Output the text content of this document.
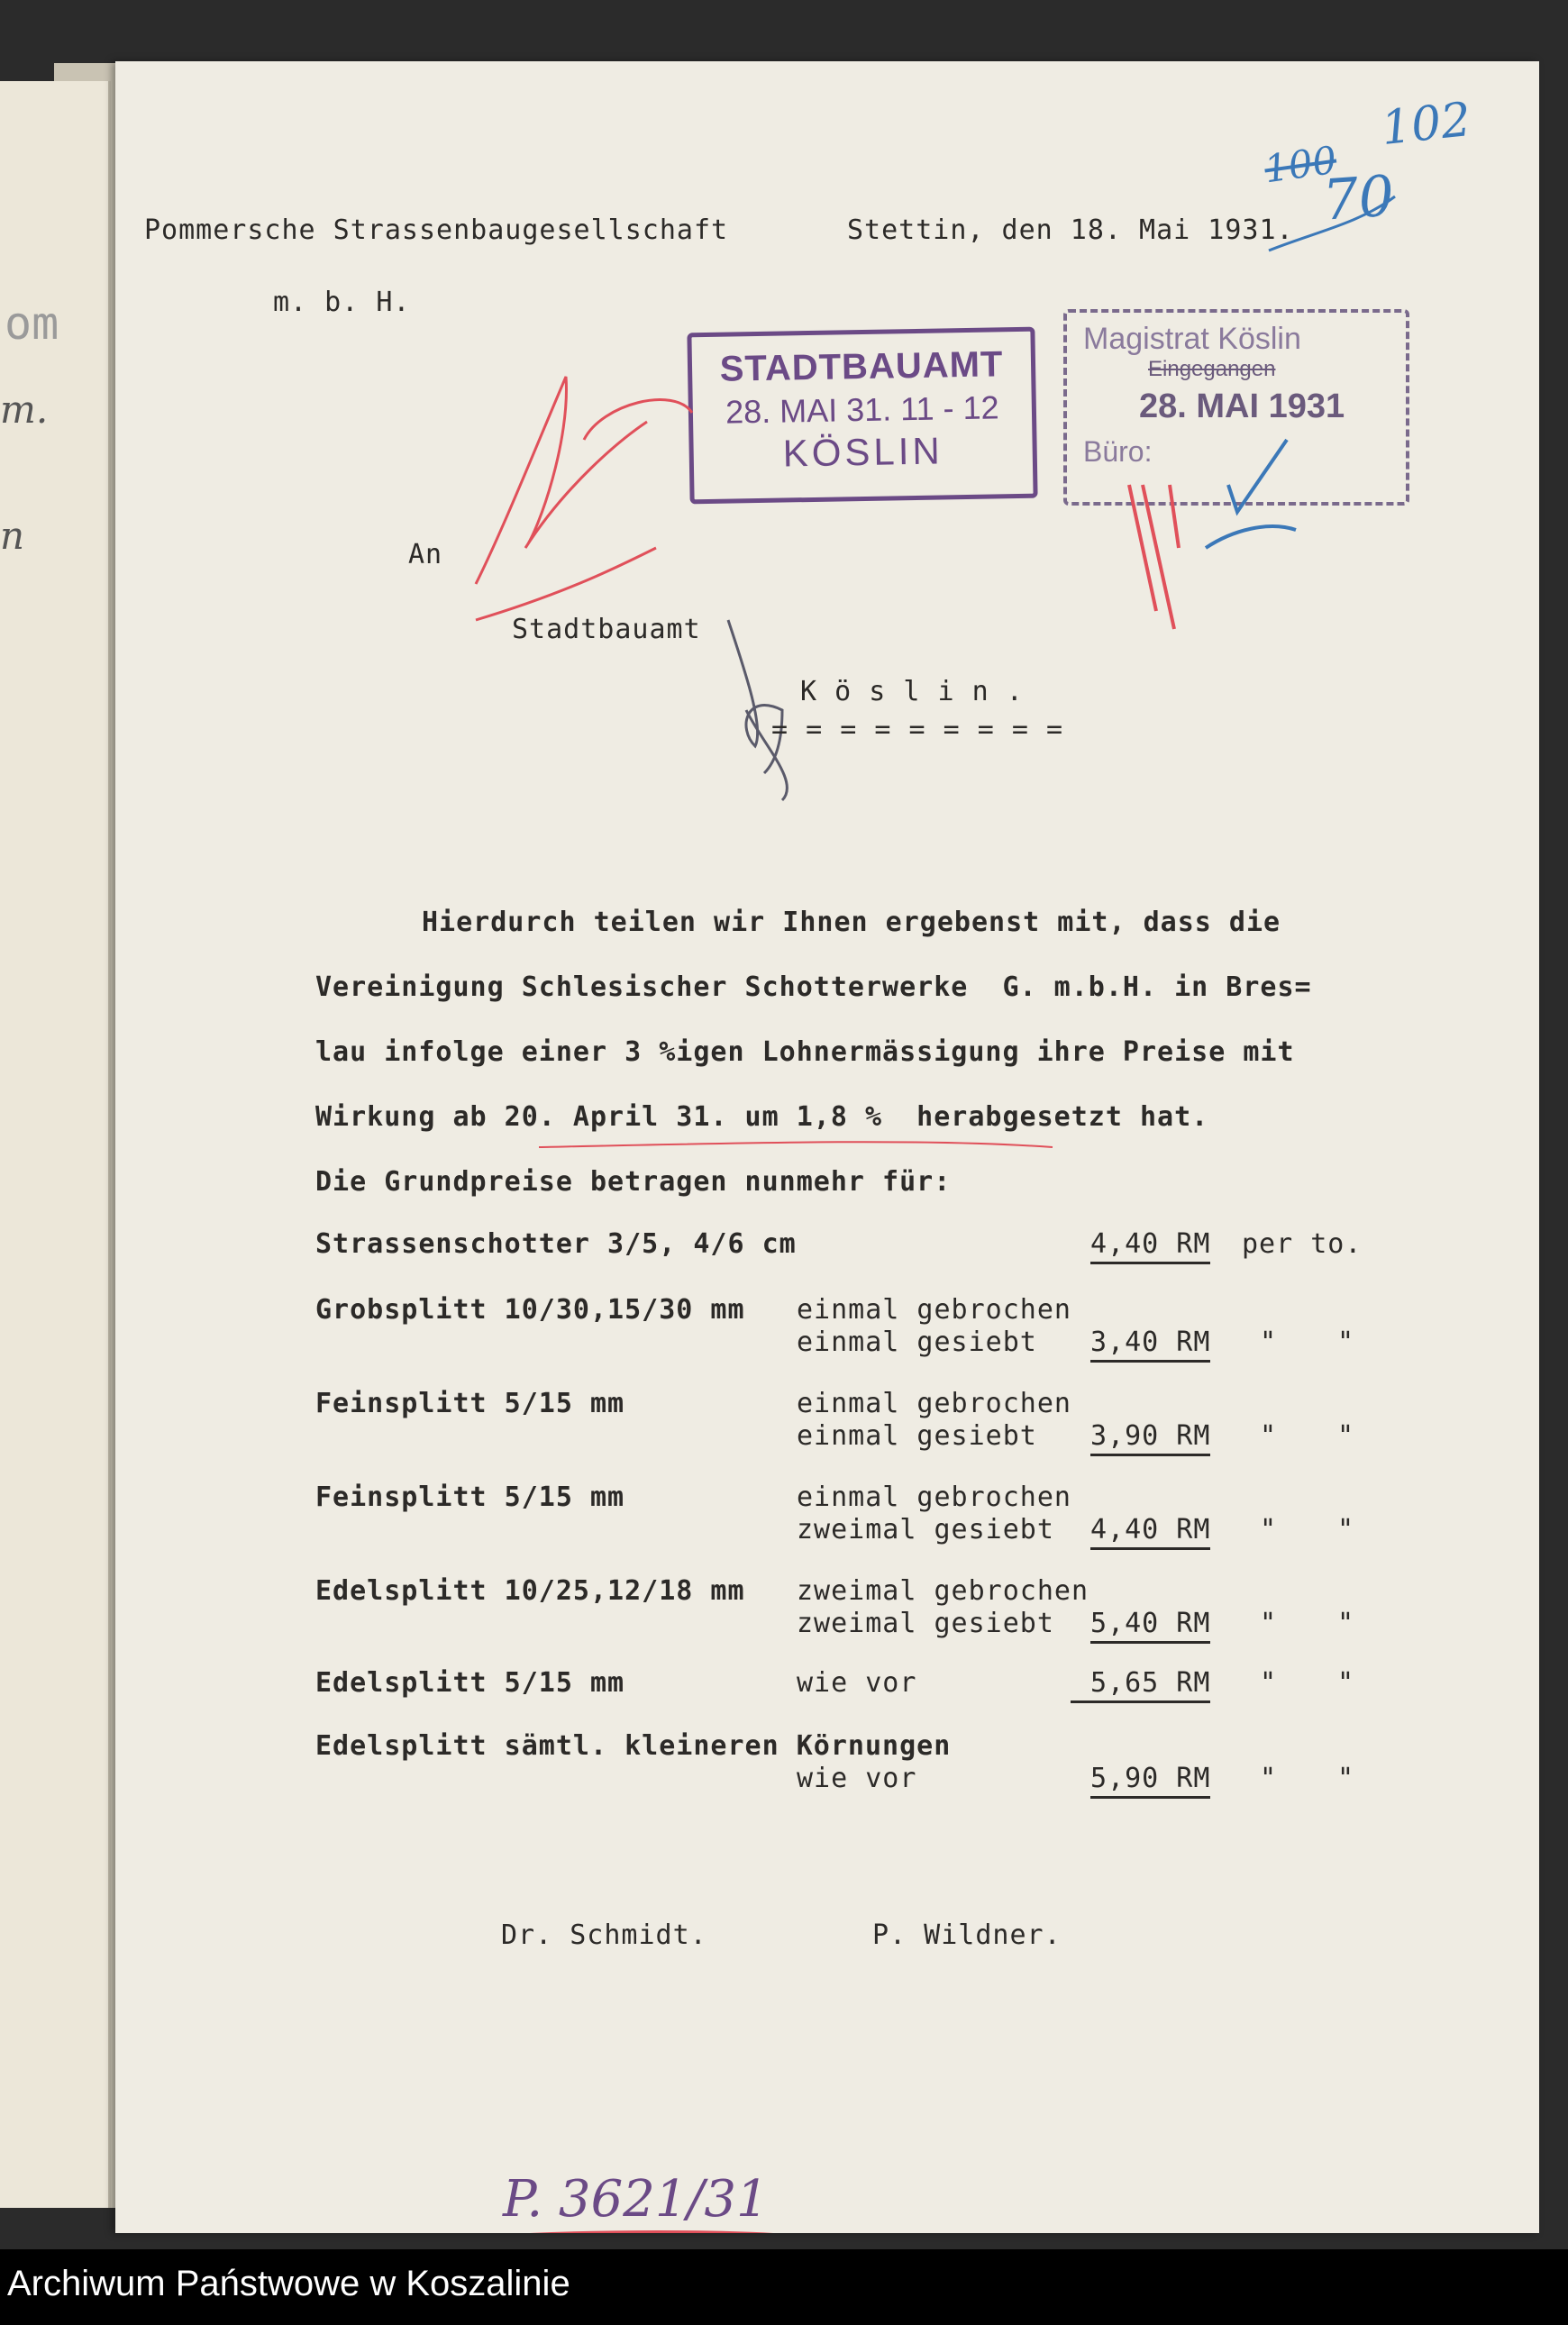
om
m.
n
Pommersche Strassenbaugesellschaft
m. b. H.
Stettin, den 18. Mai 1931.
100
102
70
STADTBAUAMT
28. MAI 31. 11 - 12
KÖSLIN
Magistrat Köslin
Eingegangen
28. MAI 1931
Büro:
An
Stadtbauamt
K ö s l i n .
= = = = = = = = =
Hierdurch teilen wir Ihnen ergebenst mit, dass die
Vereinigung Schlesischer Schotterwerke  G. m.b.H. in Bres=
lau infolge einer 3 %igen Lohnermässigung ihre Preise mit
Wirkung ab 20. April 31. um 1,8 %  herabgesetzt hat.
Die Grundpreise betragen nunmehr für:
Strassenschotter 3/5, 4/6 cm	4,40 RM per to.
Grobsplitt 10/30,15/30 mm einmal gebrochen
einmal gesiebt 3,40 RM " "
Feinsplitt 5/15 mm	einmal gebrochen
einmal gesiebt 3,90 RM " "
Feinsplitt 5/15 mm	einmal gebrochen
zweimal gesiebt 4,40 RM " "
Edelsplitt 10/25,12/18 mm zweimal gebrochen
zweimal gesiebt 5,40 RM " "
Edelsplitt 5/15 mm	wie vor	5,65 RM " "
Edelsplitt sämtl. kleineren Körnungen
wie vor	5,90 RM " "
Dr. Schmidt.	P. Wildner.
P. 3621/31
Archiwum Państwowe w Koszalinie
